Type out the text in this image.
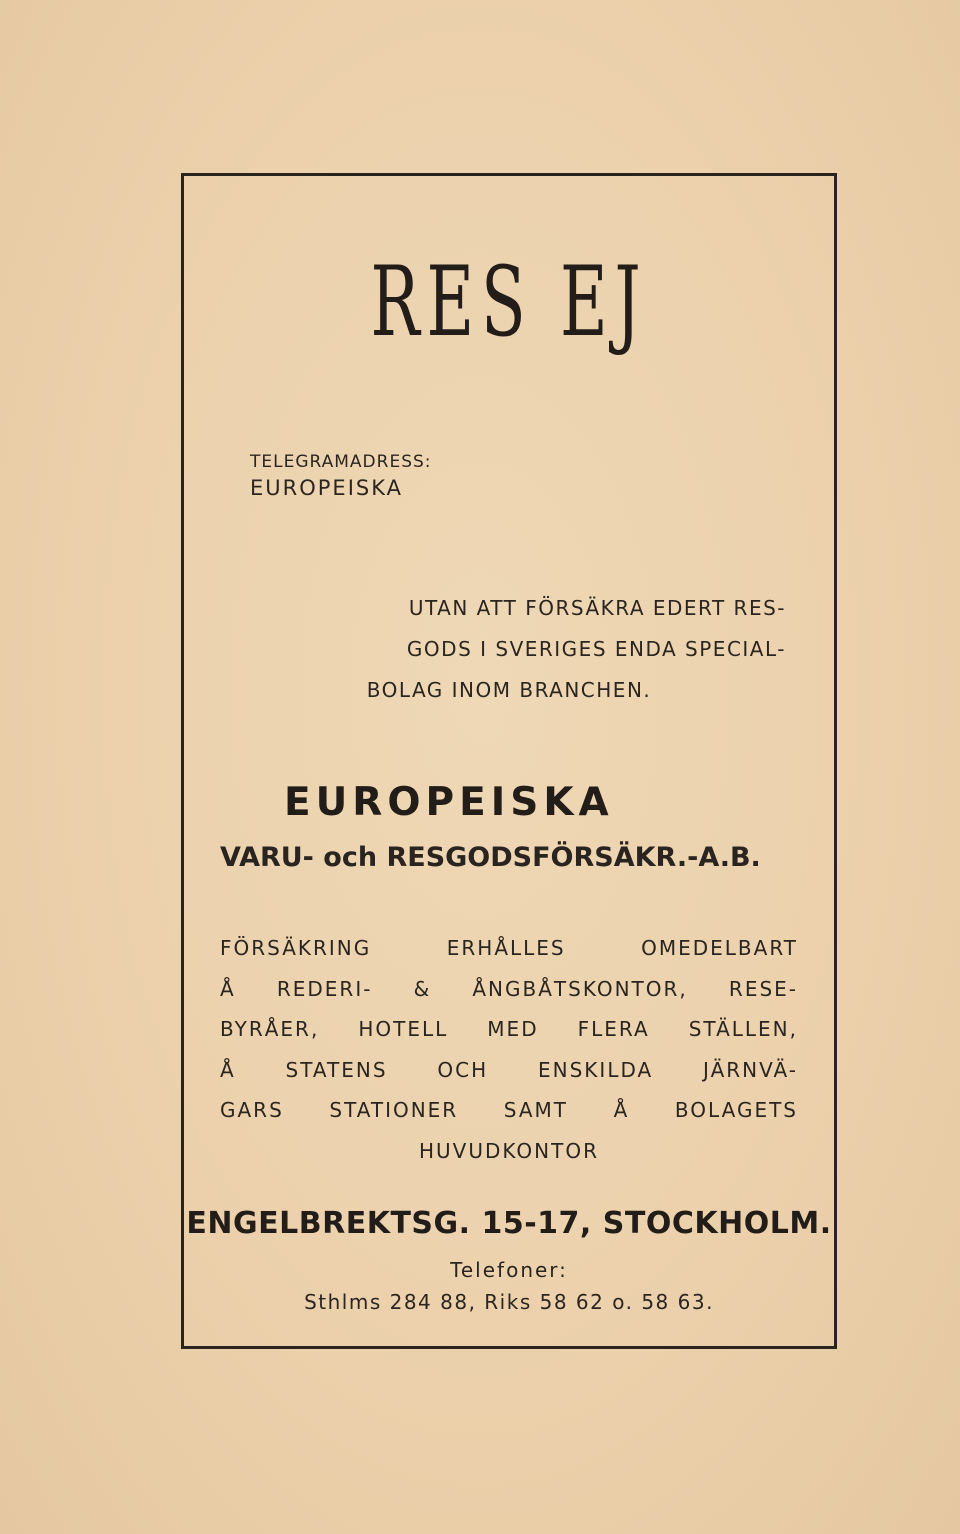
RES EJ

TELEGRAMADRESS:

EUROPEISKA

UTAN ATT FÖRSÄKRA EDERT RES-
GODS I SVERIGES ENDA SPECIAL-
BOLAG INOM BRANCHEN.

EUROPEISKA

VARU- och RESGODSFÖRSÄKR.-A.B.

FÖRSÄKRING ERHÅLLES OMEDELBART
Å REDERI- & ÅNGBÅTSKONTOR, RESE-
BYRÅER, HOTELL MED FLERA STÄLLEN,
Å STATENS OCH ENSKILDA JÄRNVÄ-
GARS STATIONER SAMT Å BOLAGETS
HUVUDKONTOR

ENGELBREKTSG. 15-17, STOCKHOLM.

Telefoner:

Sthlms 284 88, Riks 58 62 o. 58 63.
